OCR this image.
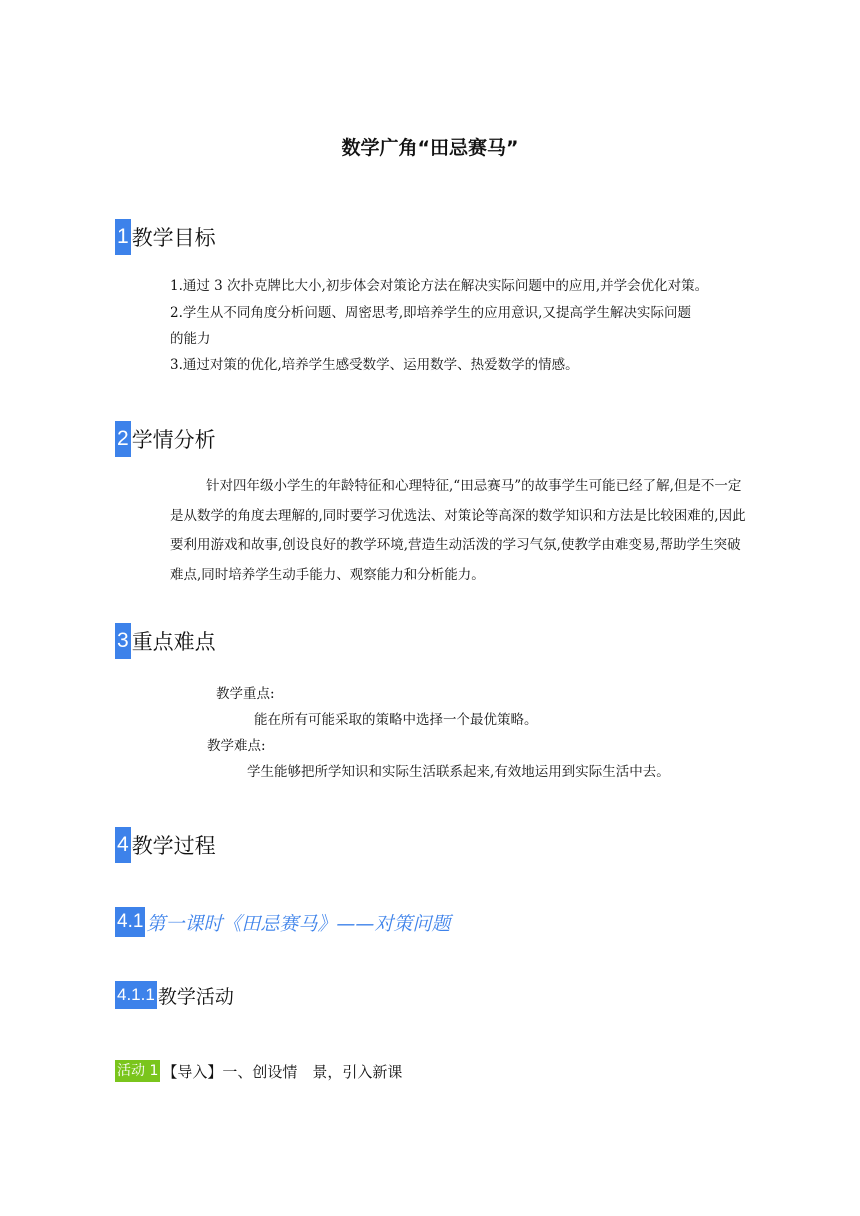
数学广角“田忌赛马”
1 教学目标
1.通过 3 次扑克牌比大小,初步体会对策论方法在解决实际问题中的应用,并学会优化对策。
2.学生从不同角度分析问题、周密思考,即培养学生的应用意识,又提高学生解决实际问题
的能力
3.通过对策的优化,培养学生感受数学、运用数学、热爱数学的情感。
2 学情分析
针对四年级小学生的年龄特征和心理特征,“田忌赛马”的故事学生可能已经了解,但是不一定是从数学的角度去理解的,同时要学习优选法、对策论等高深的数学知识和方法是比较困难的,因此要利用游戏和故事,创设良好的教学环境,营造生动活泼的学习气氛,使教学由难变易,帮助学生突破难点,同时培养学生动手能力、观察能力和分析能力。
3 重点难点
教学重点:
能在所有可能采取的策略中选择一个最优策略。
教学难点:
学生能够把所学知识和实际生活联系起来,有效地运用到实际生活中去。
4 教学过程
4.1 第一课时《田忌赛马》——对策问题
4.1.1 教学活动
活动 1 【导入】一、创设情　景，引入新课
